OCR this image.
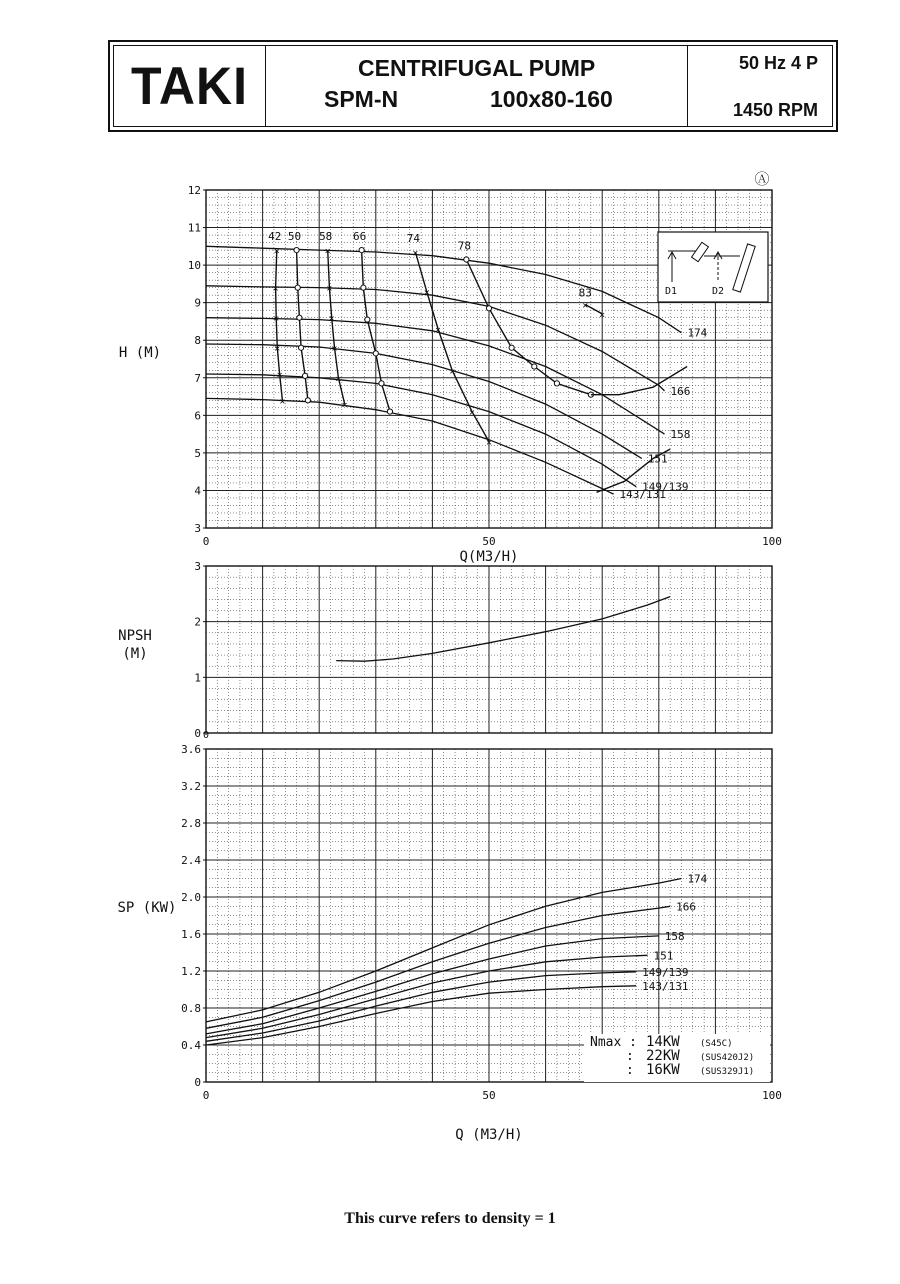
TAKI	CENTRIFUGAL PUMP
SPM-N	100x80-160
50 Hz 4 P
1450 RPM
3
4
5
6
7
8
9
10
11
12
0	50	100
H (M)
Q(M3/H)
174
166
158
151
149/139
143/131
×
×
×
×
×
×
42 50
×
×
×
×
×
×
58 66
×
×
×
×
×
×
74
78
×
×
83	D1	D2
0
1
2
3
0
NPSH
(M)
0
0.4
0.8
1.2
1.6
2.0
2.4
2.8
3.2
3.6
0	50	100
SP (KW)
Q (M3/H)
174
166
158
151
149/139
143/131
Nmax : 14KW (S45C)
: 22KW (SUS420J2)
: 16KW (SUS329J1)
Ⓐ
This curve refers to density = 1
